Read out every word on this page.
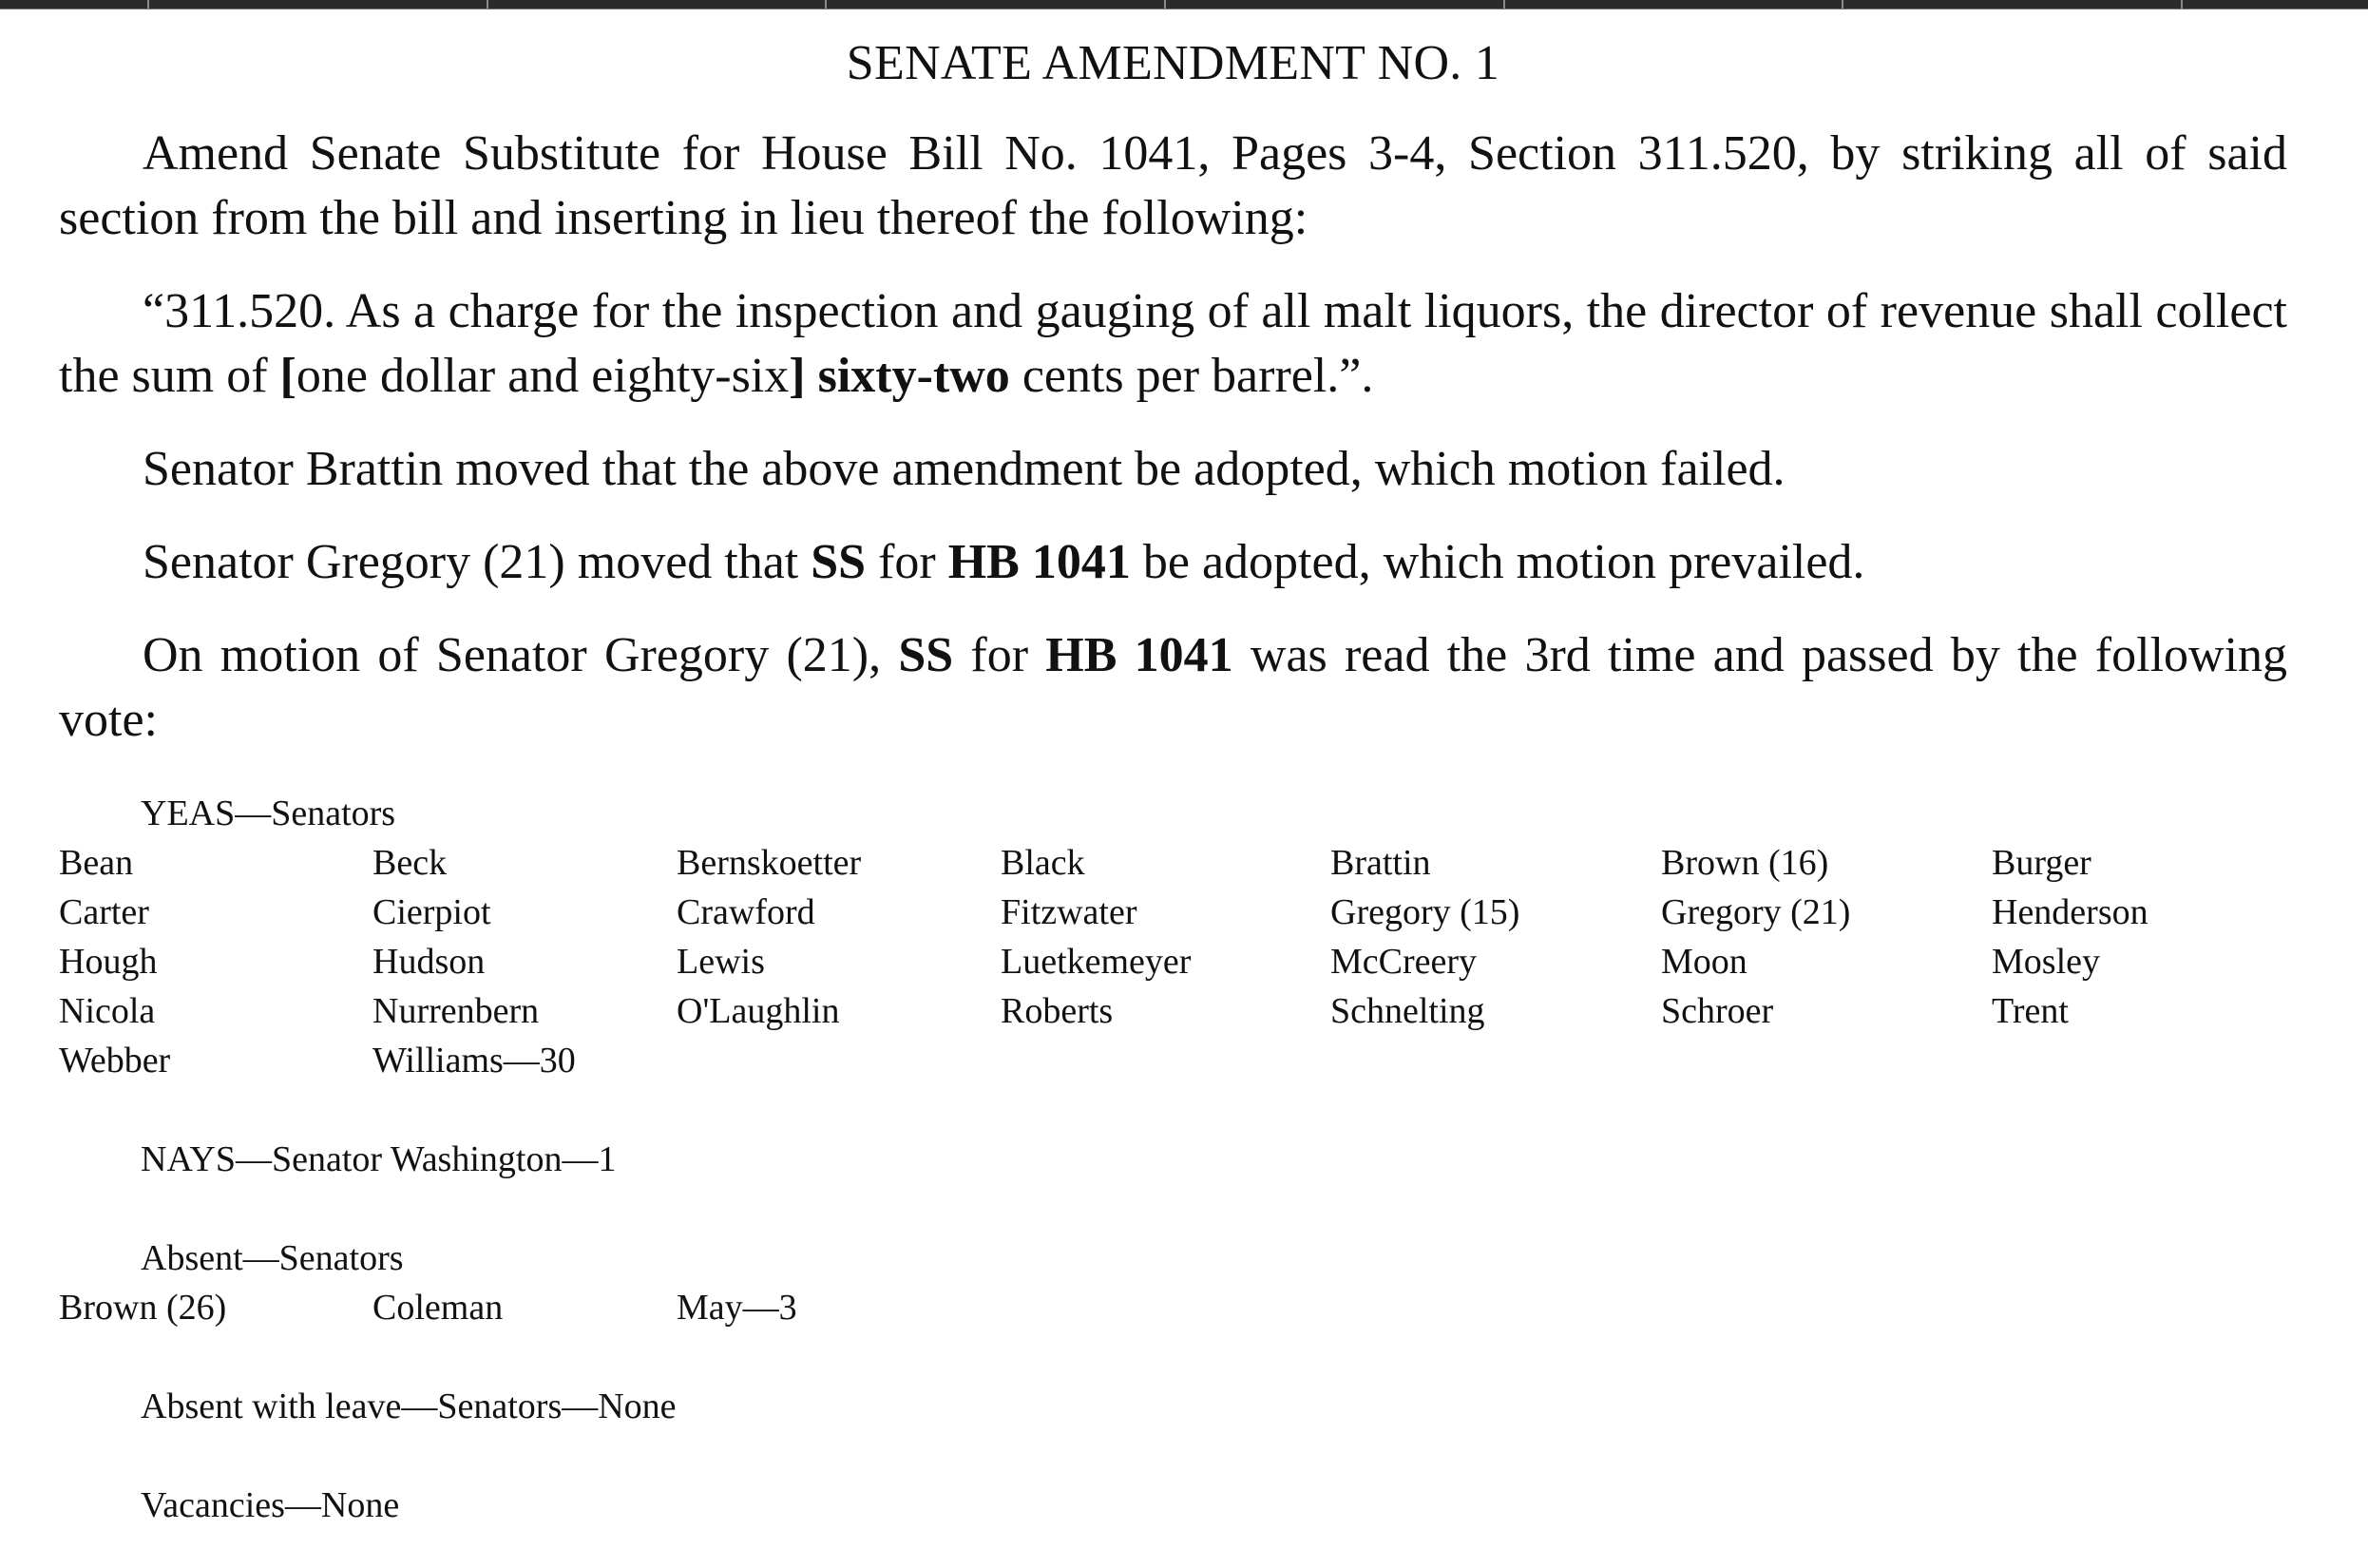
SENATE AMENDMENT NO. 1

Amend Senate Substitute for House Bill No. 1041, Pages 3-4, Section 311.520, by striking all of said section from the bill and inserting in lieu thereof the following:

“311.520. As a charge for the inspection and gauging of all malt liquors, the director of revenue shall collect the sum of [one dollar and eighty-six] sixty-two cents per barrel.”.

Senator Brattin moved that the above amendment be adopted, which motion failed.

Senator Gregory (21) moved that SS for HB 1041 be adopted, which motion prevailed.

On motion of Senator Gregory (21), SS for HB 1041 was read the 3rd time and passed by the following vote:

YEAS—Senators

Bean	Beck	Bernskoetter	Black	Brattin	Brown (16)	Burger
Carter	Cierpiot	Crawford	Fitzwater	Gregory (15)	Gregory (21)	Henderson
Hough	Hudson	Lewis	Luetkemeyer	McCreery	Moon	Mosley
Nicola	Nurrenbern	O'Laughlin	Roberts	Schnelting	Schroer	Trent
Webber	Williams—30

NAYS—Senator Washington—1

Absent—Senators

Brown (26)	Coleman	May—3

Absent with leave—Senators—None

Vacancies—None
